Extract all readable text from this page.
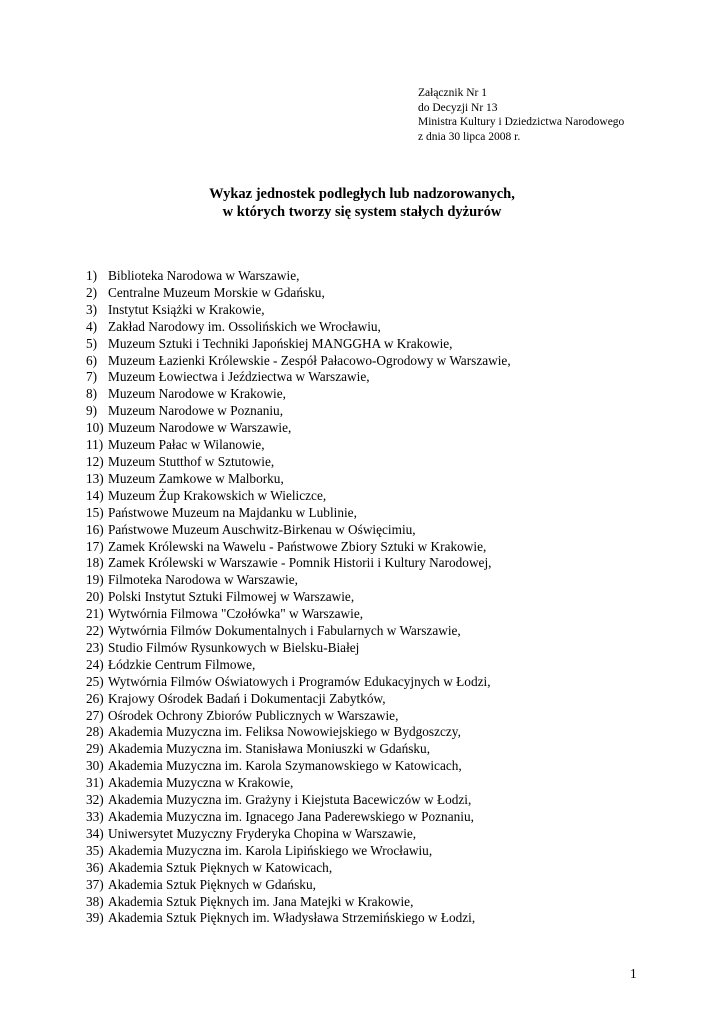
Załącznik Nr 1
do Decyzji Nr 13
Ministra Kultury i Dziedzictwa Narodowego
z dnia 30 lipca 2008 r.
Wykaz jednostek podległych lub nadzorowanych,
w których tworzy się system stałych dyżurów
1) Biblioteka Narodowa w Warszawie,
2) Centralne Muzeum Morskie w Gdańsku,
3) Instytut Książki w Krakowie,
4) Zakład Narodowy im. Ossolińskich we Wrocławiu,
5) Muzeum Sztuki i Techniki Japońskiej MANGGHA w Krakowie,
6) Muzeum Łazienki Królewskie - Zespół Pałacowo-Ogrodowy w Warszawie,
7) Muzeum Łowiectwa i Jeździectwa w Warszawie,
8) Muzeum Narodowe w Krakowie,
9) Muzeum Narodowe w Poznaniu,
10) Muzeum Narodowe w Warszawie,
11) Muzeum Pałac w Wilanowie,
12) Muzeum Stutthof w Sztutowie,
13) Muzeum Zamkowe w Malborku,
14) Muzeum Żup Krakowskich w Wieliczce,
15) Państwowe Muzeum na Majdanku w Lublinie,
16) Państwowe Muzeum Auschwitz-Birkenau w Oświęcimiu,
17) Zamek Królewski na Wawelu - Państwowe Zbiory Sztuki w Krakowie,
18) Zamek Królewski w Warszawie - Pomnik Historii i Kultury Narodowej,
19) Filmoteka Narodowa w Warszawie,
20) Polski Instytut Sztuki Filmowej w Warszawie,
21) Wytwórnia Filmowa "Czołówka" w Warszawie,
22) Wytwórnia Filmów Dokumentalnych i Fabularnych w Warszawie,
23) Studio Filmów Rysunkowych w Bielsku-Białej
24) Łódzkie Centrum Filmowe,
25) Wytwórnia Filmów Oświatowych i Programów Edukacyjnych w Łodzi,
26) Krajowy Ośrodek Badań i Dokumentacji Zabytków,
27) Ośrodek Ochrony Zbiorów Publicznych w Warszawie,
28) Akademia Muzyczna im. Feliksa Nowowiejskiego w Bydgoszczy,
29) Akademia Muzyczna im. Stanisława Moniuszki w Gdańsku,
30) Akademia Muzyczna im. Karola Szymanowskiego w Katowicach,
31) Akademia Muzyczna w Krakowie,
32) Akademia Muzyczna im. Grażyny i Kiejstuta Bacewiczów w Łodzi,
33) Akademia Muzyczna im. Ignacego Jana Paderewskiego w Poznaniu,
34) Uniwersytet Muzyczny Fryderyka Chopina w Warszawie,
35) Akademia Muzyczna im. Karola Lipińskiego we Wrocławiu,
36) Akademia Sztuk Pięknych w Katowicach,
37) Akademia Sztuk Pięknych w Gdańsku,
38) Akademia Sztuk Pięknych im. Jana Matejki w Krakowie,
39) Akademia Sztuk Pięknych im. Władysława Strzemińskiego w Łodzi,
1
